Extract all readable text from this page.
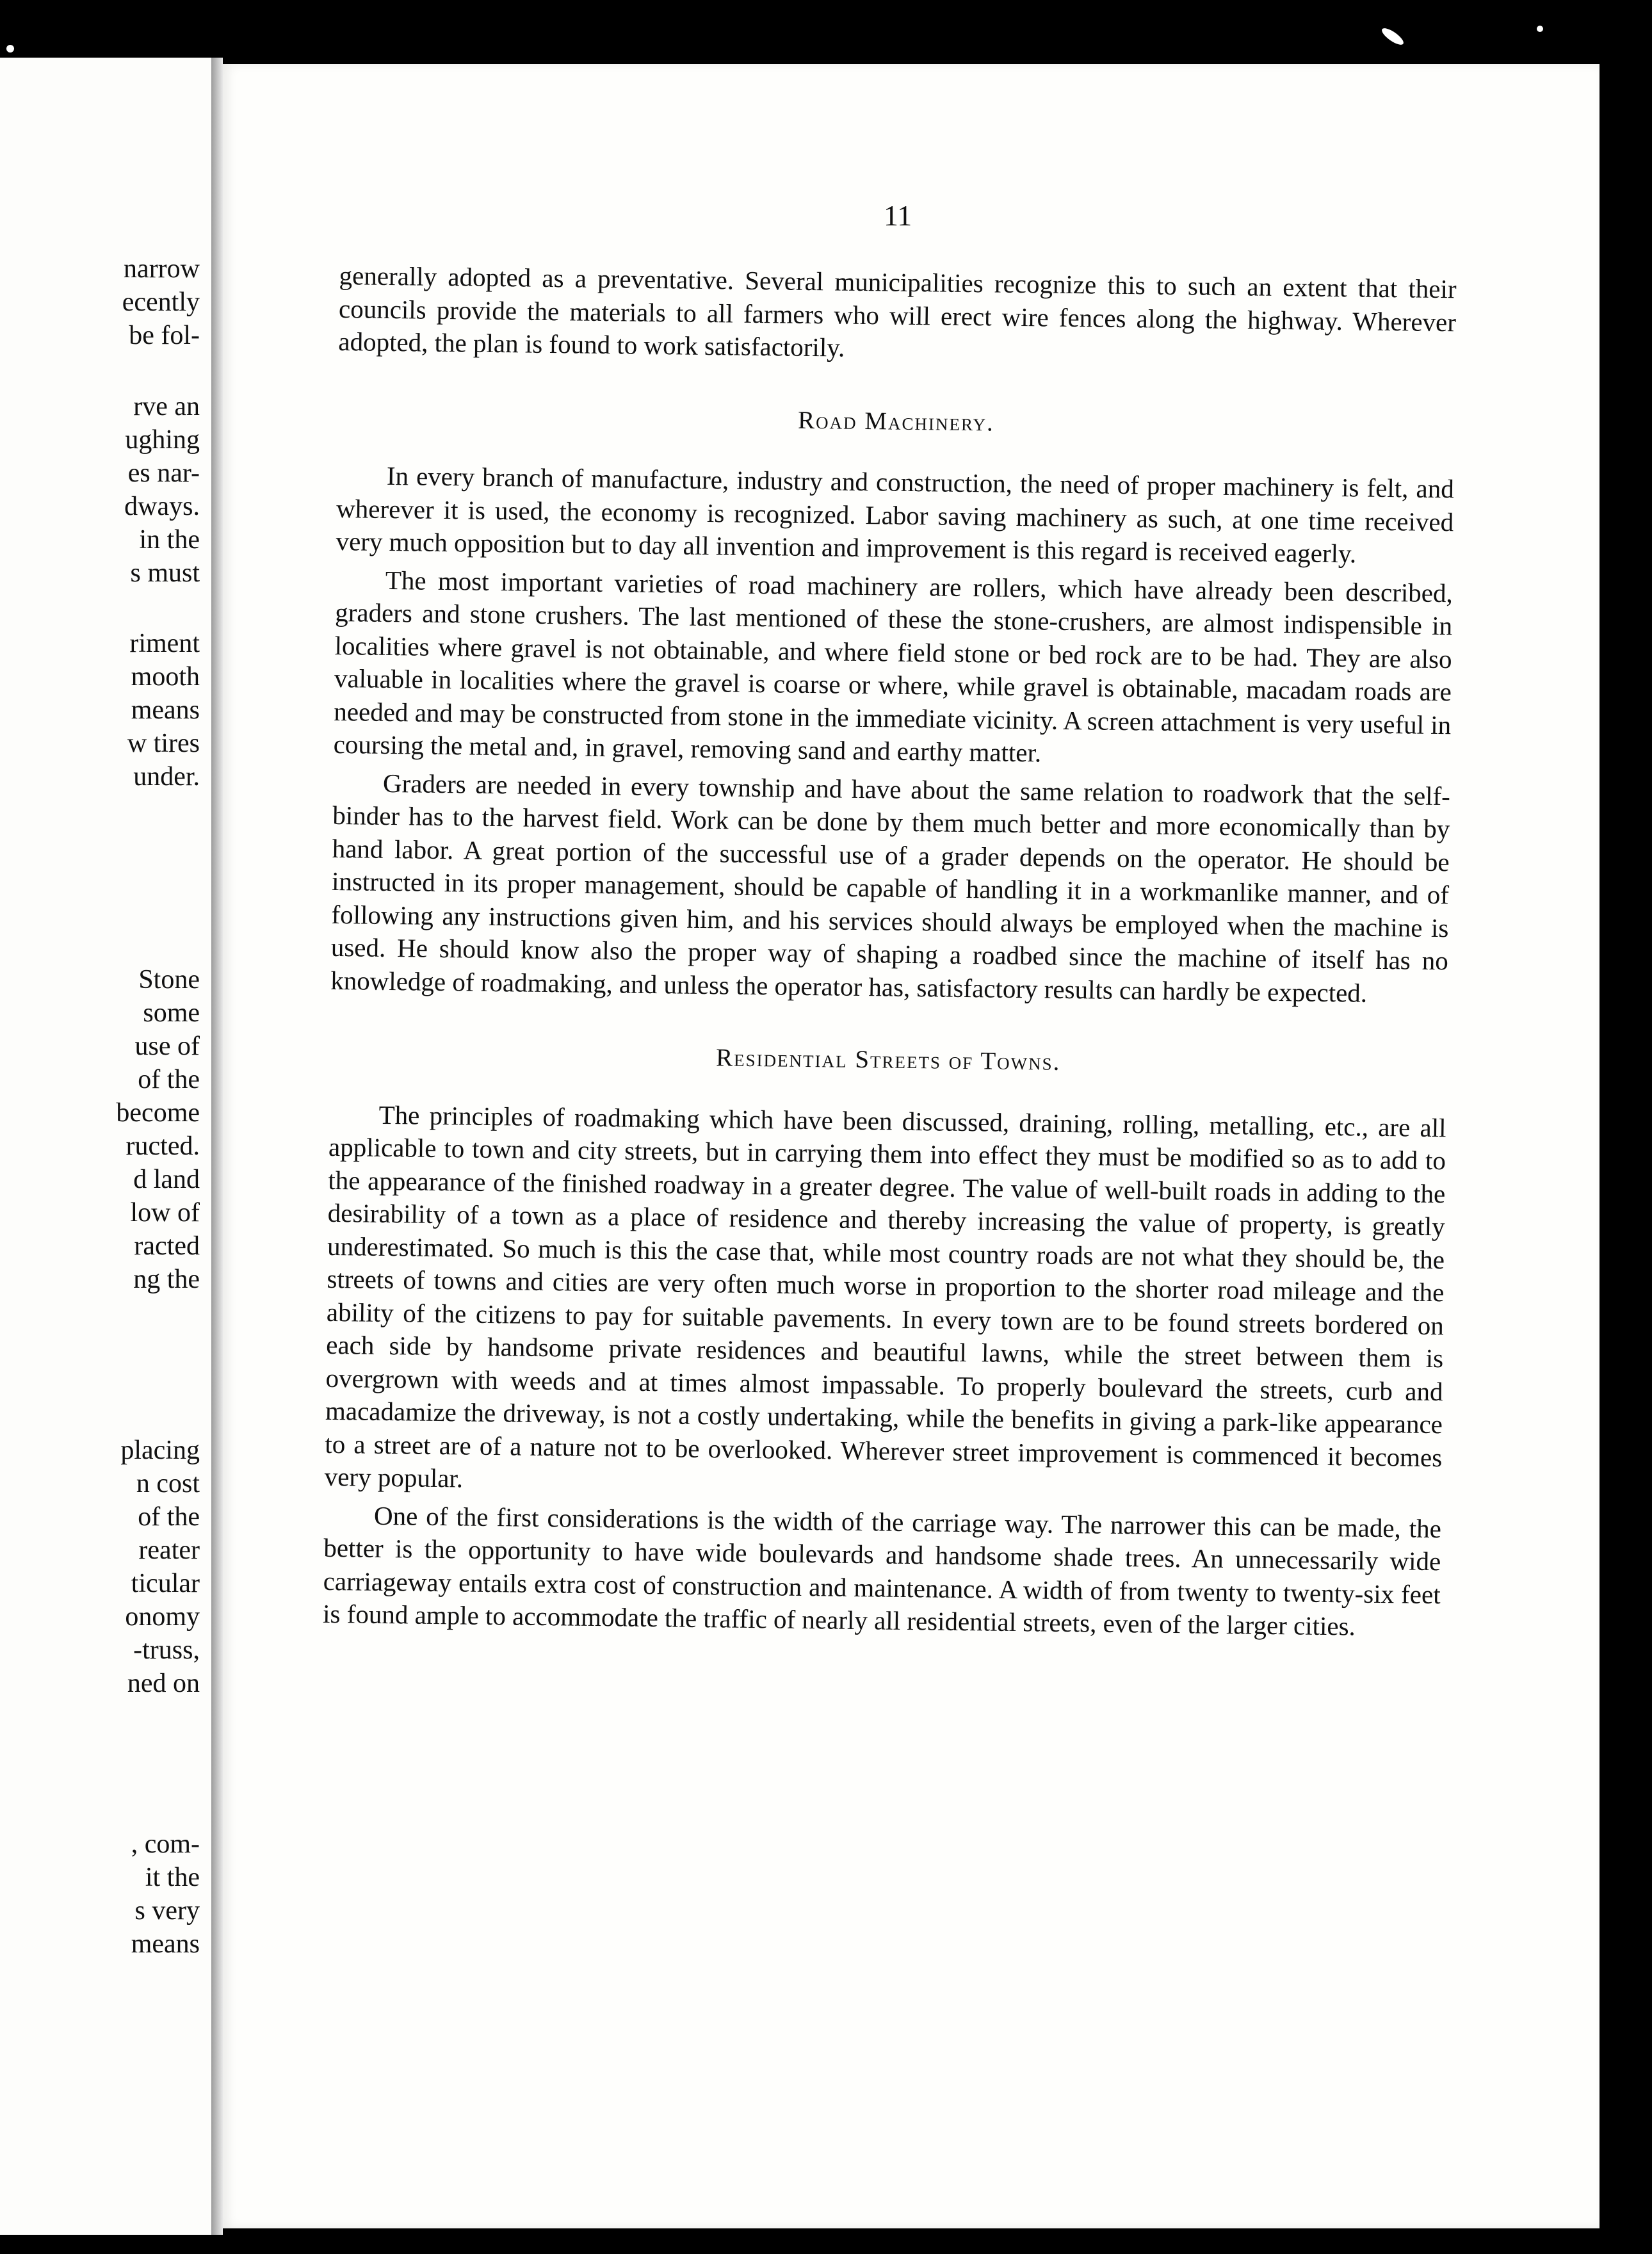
narrow
ecently
be fol-
rve an
ughing
es nar-
dways.
in the
s must
riment
mooth
means
w tires
under.
Stone
some
use of
of the
become
ructed.
d land
low of
racted
ng the
placing
n cost
of the
reater
ticular
onomy
-truss,
ned on
, com-
it the
s very
means
11

generally adopted as a preventative. Several municipalities recognize this to such an extent that their councils provide the materials to all farmers who will erect wire fences along the highway. Wherever adopted, the plan is found to work satisfactorily.

Road Machinery.

In every branch of manufacture, industry and construction, the need of proper machinery is felt, and wherever it is used, the economy is recognized. Labor saving machinery as such, at one time received very much opposition but to day all invention and improvement is this regard is received eagerly.

The most important varieties of road machinery are rollers, which have already been described, graders and stone crushers. The last mentioned of these the stone-crushers, are almost indispensible in localities where gravel is not obtainable, and where field stone or bed rock are to be had. They are also valuable in localities where the gravel is coarse or where, while gravel is obtainable, macadam roads are needed and may be constructed from stone in the immediate vicinity. A screen attachment is very useful in coursing the metal and, in gravel, removing sand and earthy matter.

Graders are needed in every township and have about the same relation to roadwork that the self-binder has to the harvest field. Work can be done by them much better and more economically than by hand labor. A great portion of the successful use of a grader depends on the operator. He should be instructed in its proper management, should be capable of handling it in a workmanlike manner, and of following any instructions given him, and his services should always be employed when the machine is used. He should know also the proper way of shaping a roadbed since the machine of itself has no knowledge of roadmaking, and unless the operator has, satisfactory results can hardly be expected.

Residential Streets of Towns.

The principles of roadmaking which have been discussed, draining, rolling, metalling, etc., are all applicable to town and city streets, but in carrying them into effect they must be modified so as to add to the appearance of the finished roadway in a greater degree. The value of well-built roads in adding to the desirability of a town as a place of residence and thereby increasing the value of property, is greatly underestimated. So much is this the case that, while most country roads are not what they should be, the streets of towns and cities are very often much worse in proportion to the shorter road mileage and the ability of the citizens to pay for suitable pavements. In every town are to be found streets bordered on each side by handsome private residences and beautiful lawns, while the street between them is overgrown with weeds and at times almost impassable. To properly boulevard the streets, curb and macadamize the driveway, is not a costly undertaking, while the benefits in giving a park-like appearance to a street are of a nature not to be overlooked. Wherever street improvement is commenced it becomes very popular.

One of the first considerations is the width of the carriage way. The narrower this can be made, the better is the opportunity to have wide boulevards and handsome shade trees. An unnecessarily wide carriageway entails extra cost of construction and maintenance. A width of from twenty to twenty-six feet is found ample to accommodate the traffic of nearly all residential streets, even of the larger cities.
